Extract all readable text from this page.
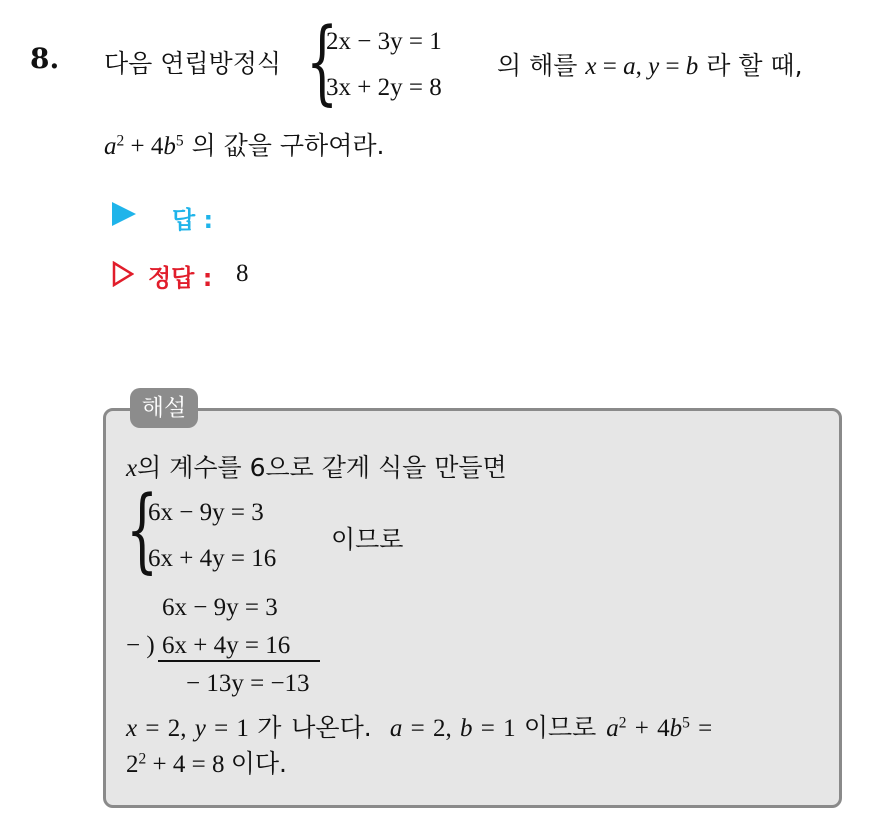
8. 다음 연립방정식 {
2x − 3y = 1
3x + 2y = 8
의 해를 x = a, y = b 라 할 때,
$a^2 + 4b^5$ 의 값을 구하여라.
답 :
정답 : 8
해설
x의 계수를 6으로 같게 식을 만들면
{
6x − 9y = 3
6x + 4y = 16
이므로
6x − 9y = 3
− ) 6x + 4y = 16
− 13y = −13
x = 2, y = 1 가 나온다. a = 2, b = 1 이므로 $a^2 + 4b^5$ =
$2^2 + 4 = 8$ 이다.
